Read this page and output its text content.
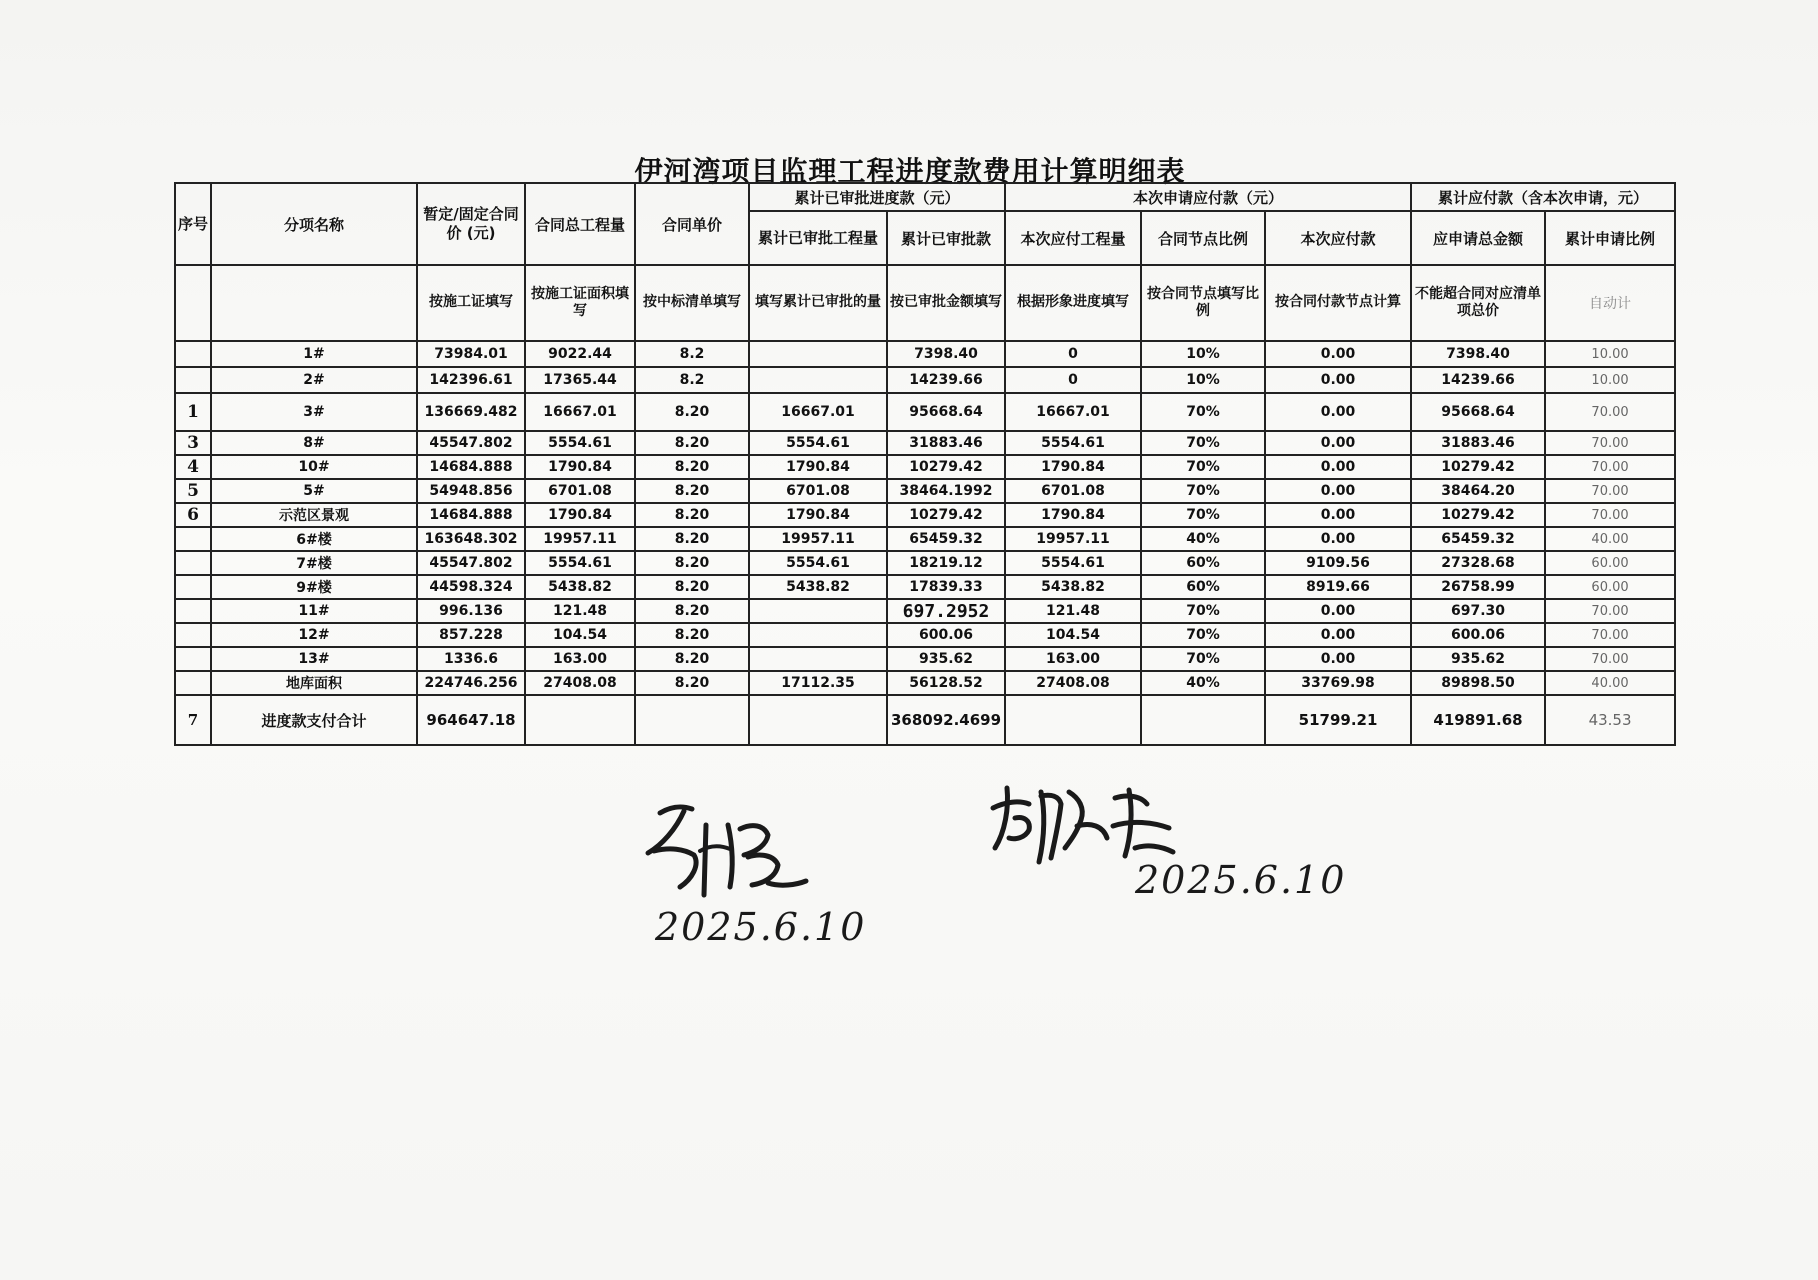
伊河湾项目监理工程进度款费用计算明细表
序号	分项名称	暂定/固定合同价 (元)	合同总工程量	合同单价	累计已审批进度款（元）		本次申请应付款（元）			累计应付款（含本次申请，元）	
					累计已审批工程量	累计已审批款	本次应付工程量	合同节点比例	本次应付款	应申请总金额	累计申请比例
		按施工证填写	按施工证面积填写	按中标清单填写	填写累计已审批的量	按已审批金额填写	根据形象进度填写	按合同节点填写比例	按合同付款节点计算	不能超合同对应清单项总价	自动计
	1#	73984.01	9022.44	8.2		7398.40	0	10%	0.00	7398.40	10.00
	2#	142396.61	17365.44	8.2		14239.66	0	10%	0.00	14239.66	10.00
1	3#	136669.482	16667.01	8.20	16667.01	95668.64	16667.01	70%	0.00	95668.64	70.00
3	8#	45547.802	5554.61	8.20	5554.61	31883.46	5554.61	70%	0.00	31883.46	70.00
4	10#	14684.888	1790.84	8.20	1790.84	10279.42	1790.84	70%	0.00	10279.42	70.00
5	5#	54948.856	6701.08	8.20	6701.08	38464.1992	6701.08	70%	0.00	38464.20	70.00
6	示范区景观	14684.888	1790.84	8.20	1790.84	10279.42	1790.84	70%	0.00	10279.42	70.00
	6#楼	163648.302	19957.11	8.20	19957.11	65459.32	19957.11	40%	0.00	65459.32	40.00
	7#楼	45547.802	5554.61	8.20	5554.61	18219.12	5554.61	60%	9109.56	27328.68	60.00
	9#楼	44598.324	5438.82	8.20	5438.82	17839.33	5438.82	60%	8919.66	26758.99	60.00
	11#	996.136	121.48	8.20		697.2952	121.48	70%	0.00	697.30	70.00
	12#	857.228	104.54	8.20		600.06	104.54	70%	0.00	600.06	70.00
	13#	1336.6	163.00	8.20		935.62	163.00	70%	0.00	935.62	70.00
	地库面积	224746.256	27408.08	8.20	17112.35	56128.52	27408.08	40%	33769.98	89898.50	40.00
7	进度款支付合计	964647.18				368092.4699			51799.21	419891.68	43.53
2025.6.10
2025.6.10
